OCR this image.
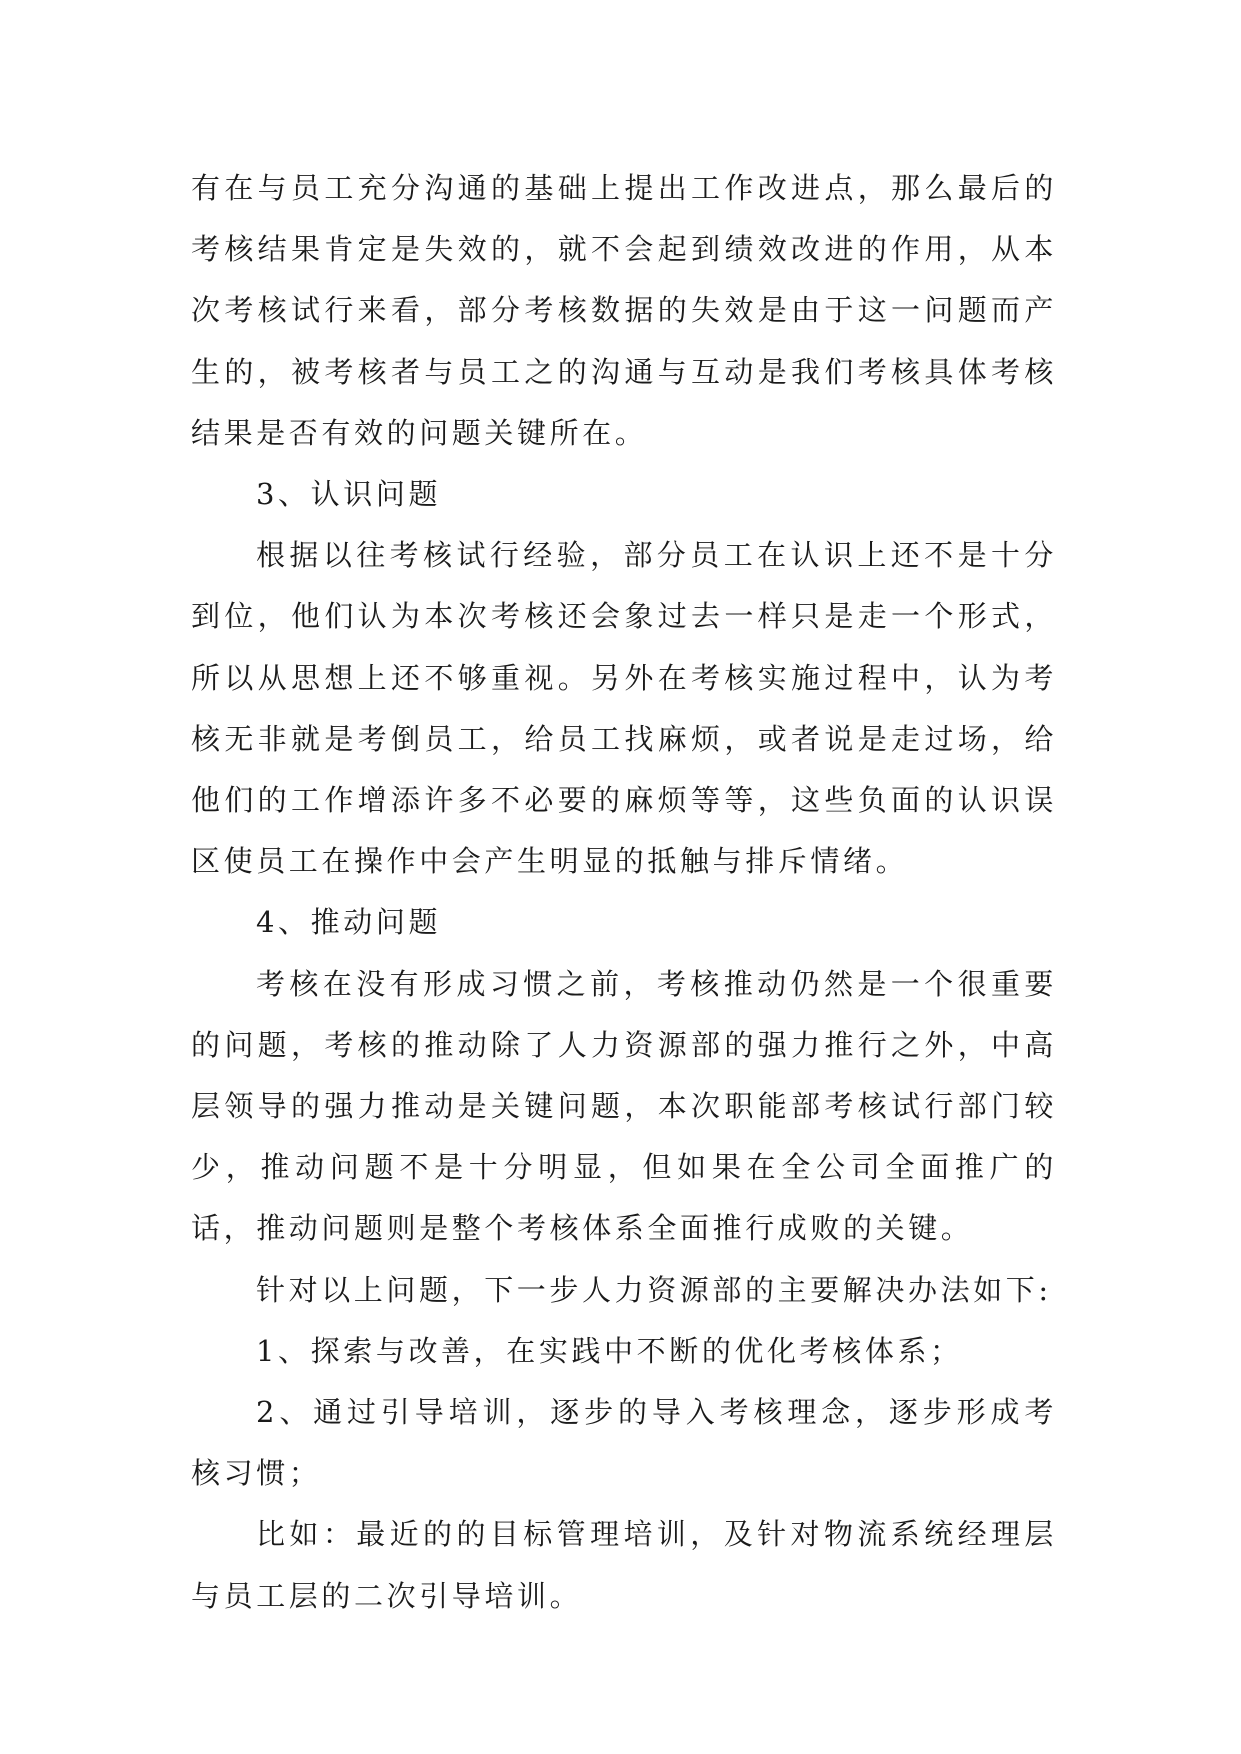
有在与员工充分沟通的基础上提出工作改进点，那么最后的考核结果肯定是失效的，就不会起到绩效改进的作用，从本次考核试行来看，部分考核数据的失效是由于这一问题而产生的，被考核者与员工之的沟通与互动是我们考核具体考核结果是否有效的问题关键所在。

3、认识问题

根据以往考核试行经验，部分员工在认识上还不是十分到位，他们认为本次考核还会象过去一样只是走一个形式，所以从思想上还不够重视。另外在考核实施过程中，认为考核无非就是考倒员工，给员工找麻烦，或者说是走过场，给他们的工作增添许多不必要的麻烦等等，这些负面的认识误区使员工在操作中会产生明显的抵触与排斥情绪。

4、推动问题

考核在没有形成习惯之前，考核推动仍然是一个很重要的问题，考核的推动除了人力资源部的强力推行之外，中高层领导的强力推动是关键问题，本次职能部考核试行部门较少，推动问题不是十分明显，但如果在全公司全面推广的话，推动问题则是整个考核体系全面推行成败的关键。

针对以上问题，下一步人力资源部的主要解决办法如下:

1、探索与改善，在实践中不断的优化考核体系；

2、通过引导培训，逐步的导入考核理念，逐步形成考核习惯；

比如：最近的的目标管理培训，及针对物流系统经理层与员工层的二次引导培训。
